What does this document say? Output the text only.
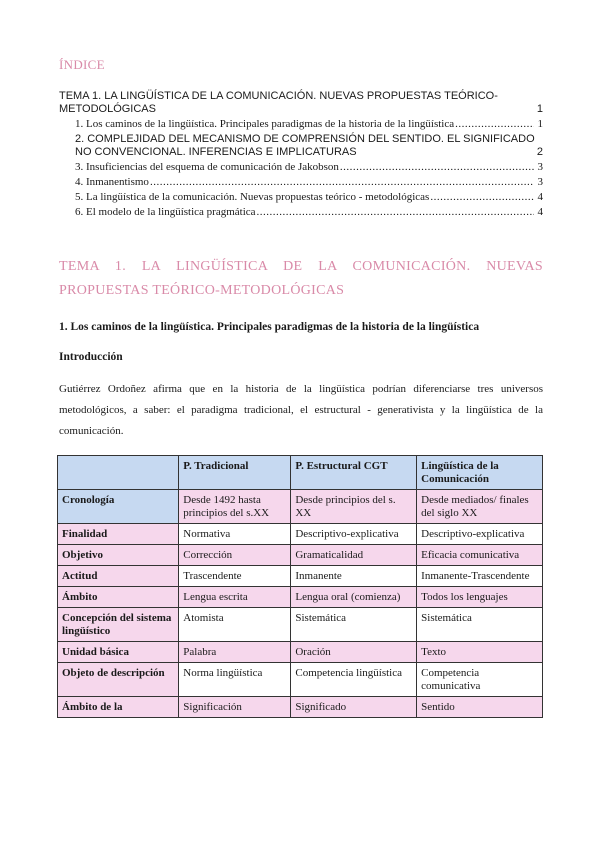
ÍNDICE
TEMA 1. LA LINGÜÍSTICA DE LA COMUNICACIÓN. NUEVAS PROPUESTAS TEÓRICO-METODOLÓGICAS	1
1. Los caminos de la lingüística. Principales paradigmas de la historia de la lingüística .....	1
2. COMPLEJIDAD DEL MECANISMO DE COMPRENSIÓN DEL SENTIDO. EL SIGNIFICADO NO CONVENCIONAL. INFERENCIAS E IMPLICATURAS	2
3. Insuficiencias del esquema de comunicación de Jakobson .....	3
4. Inmanentismo .....	3
5. La lingüística de la comunicación. Nuevas propuestas teórico - metodológicas .....	4
6. El modelo de la lingüística pragmática .....	4
TEMA 1. LA LINGÜÍSTICA DE LA COMUNICACIÓN. NUEVAS PROPUESTAS TEÓRICO-METODOLÓGICAS
1. Los caminos de la lingüística. Principales paradigmas de la historia de la lingüística
Introducción
Gutiérrez Ordoñez afirma que en la historia de la lingüística podrían diferenciarse tres universos metodológicos, a saber: el paradigma tradicional, el estructural - generativista y la lingüística de la comunicación.
	P. Tradicional	P. Estructural CGT	Lingüística de la Comunicación
Cronología	Desde 1492 hasta principios del s.XX	Desde principios del s. XX	Desde mediados/ finales del siglo XX
Finalidad	Normativa	Descriptivo-explicativa	Descriptivo-explicativa
Objetivo	Corrección	Gramaticalidad	Eficacia comunicativa
Actitud	Trascendente	Inmanente	Inmanente-Trascendente
Ámbito	Lengua escrita	Lengua oral (comienza)	Todos los lenguajes
Concepción del sistema lingüístico	Atomista	Sistemática	Sistemática
Unidad básica	Palabra	Oración	Texto
Objeto de descripción	Norma lingüística	Competencia lingüística	Competencia comunicativa
Ámbito de la	Significación	Significado	Sentido
